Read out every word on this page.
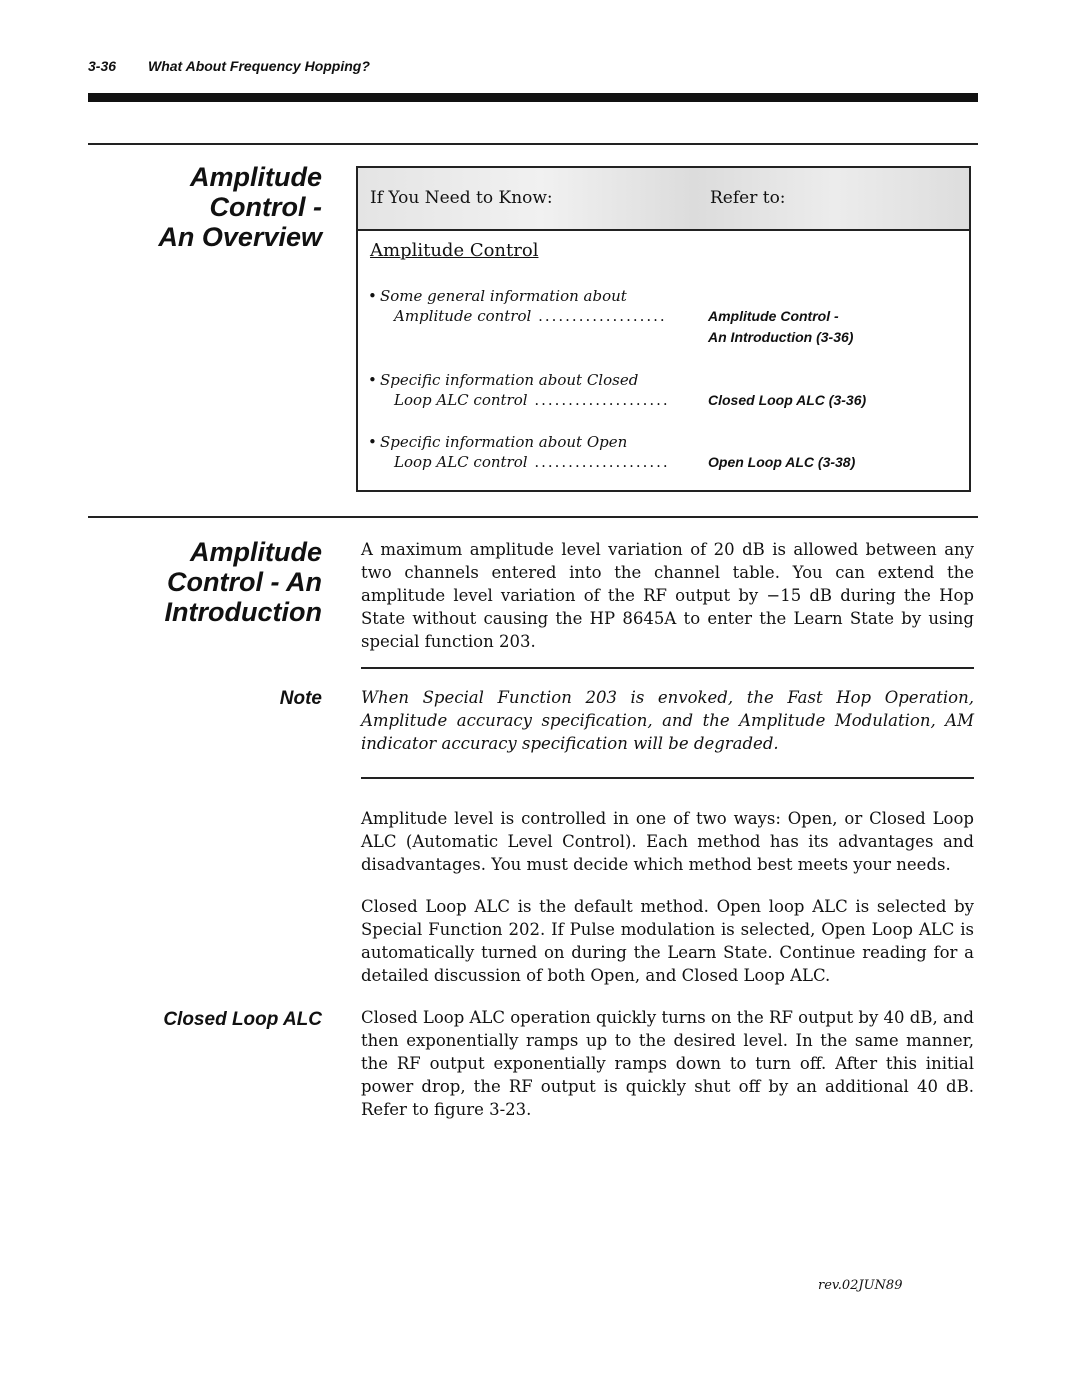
3-36 What About Frequency Hopping?
Amplitude
Control -
An Overview
If You Need to Know:	Refer to:
Amplitude Control
• Some general information about
Amplitude control ...................	Amplitude Control -
An Introduction (3-36)
• Specific information about Closed
Loop ALC control ....................	Closed Loop ALC (3-36)
• Specific information about Open
Loop ALC control ....................	Open Loop ALC (3-38)
Amplitude
Control - An
Introduction
A maximum amplitude level variation of 20 dB is allowed between any two channels entered into the channel table. You can extend the amplitude level variation of the RF output by −15 dB during the Hop State without causing the HP 8645A to enter the Learn State by using special function 203.
Note When Special Function 203 is envoked, the Fast Hop Operation, Amplitude accuracy specification, and the Amplitude Modulation, AM indicator accuracy specification will be degraded.
Amplitude level is controlled in one of two ways: Open, or Closed Loop ALC (Automatic Level Control). Each method has its advantages and disadvantages. You must decide which method best meets your needs.
Closed Loop ALC is the default method. Open loop ALC is selected by Special Function 202. If Pulse modulation is selected, Open Loop ALC is automatically turned on during the Learn State. Continue reading for a detailed discussion of both Open, and Closed Loop ALC.
Closed Loop ALC Closed Loop ALC operation quickly turns on the RF output by 40 dB, and then exponentially ramps up to the desired level. In the same manner, the RF output exponentially ramps down to turn off. After this initial power drop, the RF output is quickly shut off by an additional 40 dB. Refer to figure 3-23.
rev.02JUN89
